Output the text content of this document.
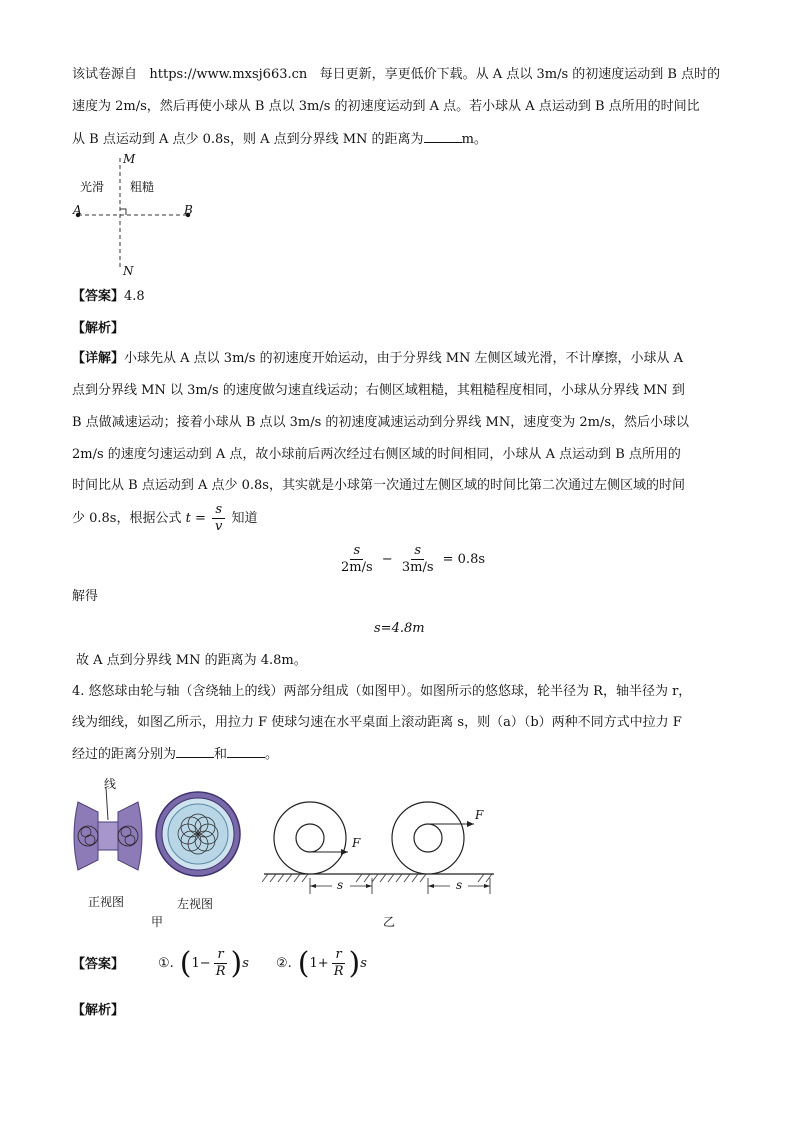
该试卷源自   https://www.mxsj663.cn   每日更新，享更低价下载。从 A 点以 3m/s 的初速度运动到 B 点时的
速度为 2m/s，然后再使小球从 B 点以 3m/s 的初速度运动到 A 点。若小球从 A 点运动到 B 点所用的时间比
从 B 点运动到 A 点少 0.8s，则 A 点到分界线 MN 的距离为	m。
M
N
A	B
光滑 粗糙
【答案】4.8
【解析】
【详解】小球先从 A 点以 3m/s 的初速度开始运动，由于分界线 MN 左侧区域光滑，不计摩擦，小球从 A
点到分界线 MN 以 3m/s 的速度做匀速直线运动；右侧区域粗糙，其粗糙程度相同，小球从分界线 MN 到
B 点做减速运动；接着小球从 B 点以 3m/s 的初速度减速运动到分界线 MN，速度变为 2m/s，然后小球以
2m/s 的速度匀速运动到 A 点，故小球前后两次经过右侧区域的时间相同，小球从 A 点运动到 B 点所用的
时间比从 B 点运动到 A 点少 0.8s，其实就是小球第一次通过左侧区域的时间比第二次通过左侧区域的时间
少 0.8s，根据公式 $t = \frac{s}{v}$ 知道
$\frac{s}{2m/s} - \frac{s}{3m/s} = 0.8s$
解得
s=4.8m
故 A 点到分界线 MN 的距离为 4.8m。
4. 悠悠球由轮与轴（含绕轴上的线）两部分组成（如图甲）。如图所示的悠悠球，轮半径为 R，轴半径为 r，
线为细线，如图乙所示，用拉力 F 使球匀速在水平桌面上滚动距离 s，则（a）（b）两种不同方式中拉力 F
经过的距离分别为	和	。
线
正视图	左视图
甲
F
F
s	s
乙
【答案】	①. ( $1 - \frac{r}{R}$ ) s ②. ( $1 + \frac{r}{R}$ ) s
【解析】
